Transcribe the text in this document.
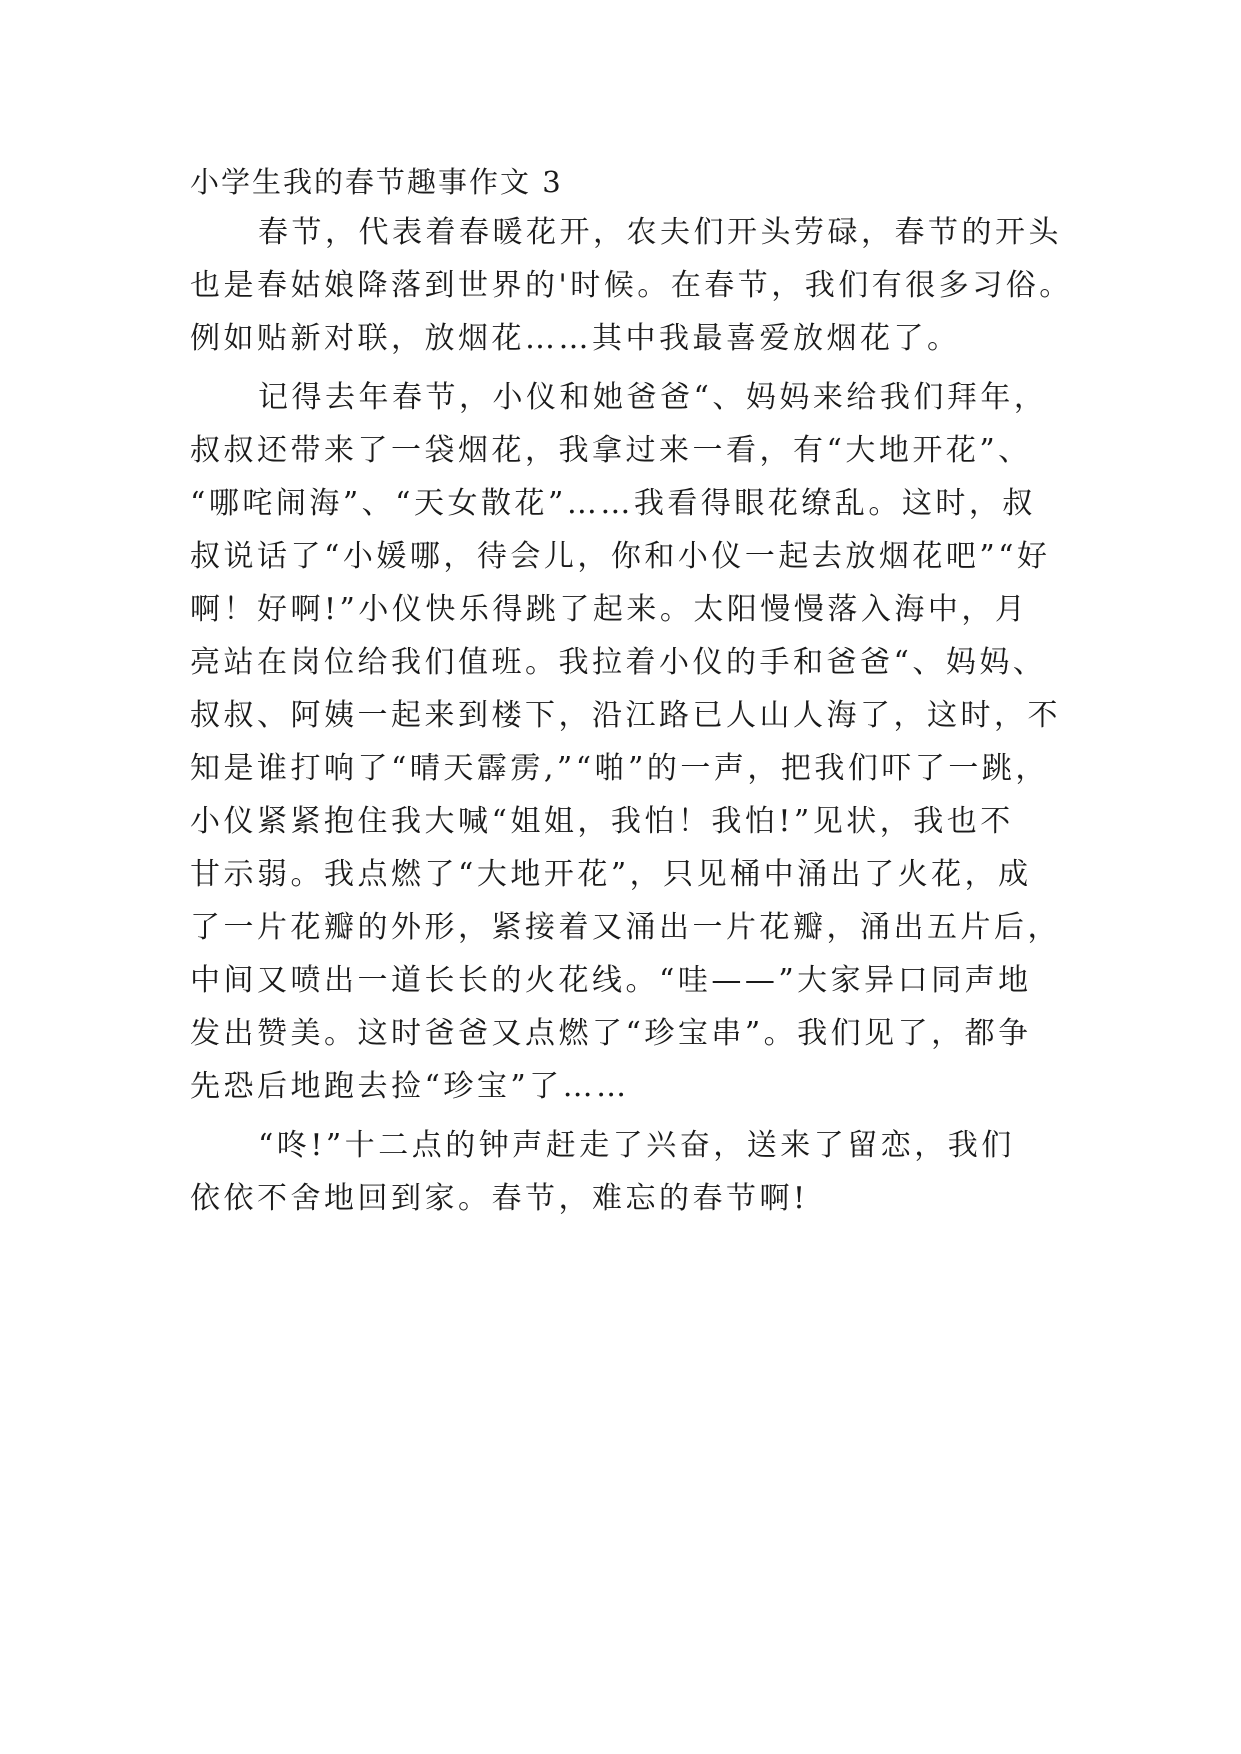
小学生我的春节趣事作文 3
春节，代表着春暖花开，农夫们开头劳碌，春节的开头
也是春姑娘降落到世界的'时候。在春节，我们有很多习俗。
例如贴新对联，放烟花……其中我最喜爱放烟花了。
记得去年春节，小仪和她爸爸“、妈妈来给我们拜年，
叔叔还带来了一袋烟花，我拿过来一看，有“大地开花”、
“哪咤闹海”、“天女散花”……我看得眼花缭乱。这时，叔
叔说话了“小媛哪，待会儿，你和小仪一起去放烟花吧”“好
啊！好啊!”小仪快乐得跳了起来。太阳慢慢落入海中，月
亮站在岗位给我们值班。我拉着小仪的手和爸爸“、妈妈、
叔叔、阿姨一起来到楼下，沿江路已人山人海了，这时，不
知是谁打响了“晴天霹雳,”“啪”的一声，把我们吓了一跳，
小仪紧紧抱住我大喊“姐姐，我怕！我怕!”见状，我也不
甘示弱。我点燃了“大地开花”，只见桶中涌出了火花，成
了一片花瓣的外形，紧接着又涌出一片花瓣，涌出五片后，
中间又喷出一道长长的火花线。“哇——”大家异口同声地
发出赞美。这时爸爸又点燃了“珍宝串”。我们见了，都争
先恐后地跑去捡“珍宝”了……
“咚!”十二点的钟声赶走了兴奋，送来了留恋，我们
依依不舍地回到家。春节，难忘的春节啊!
